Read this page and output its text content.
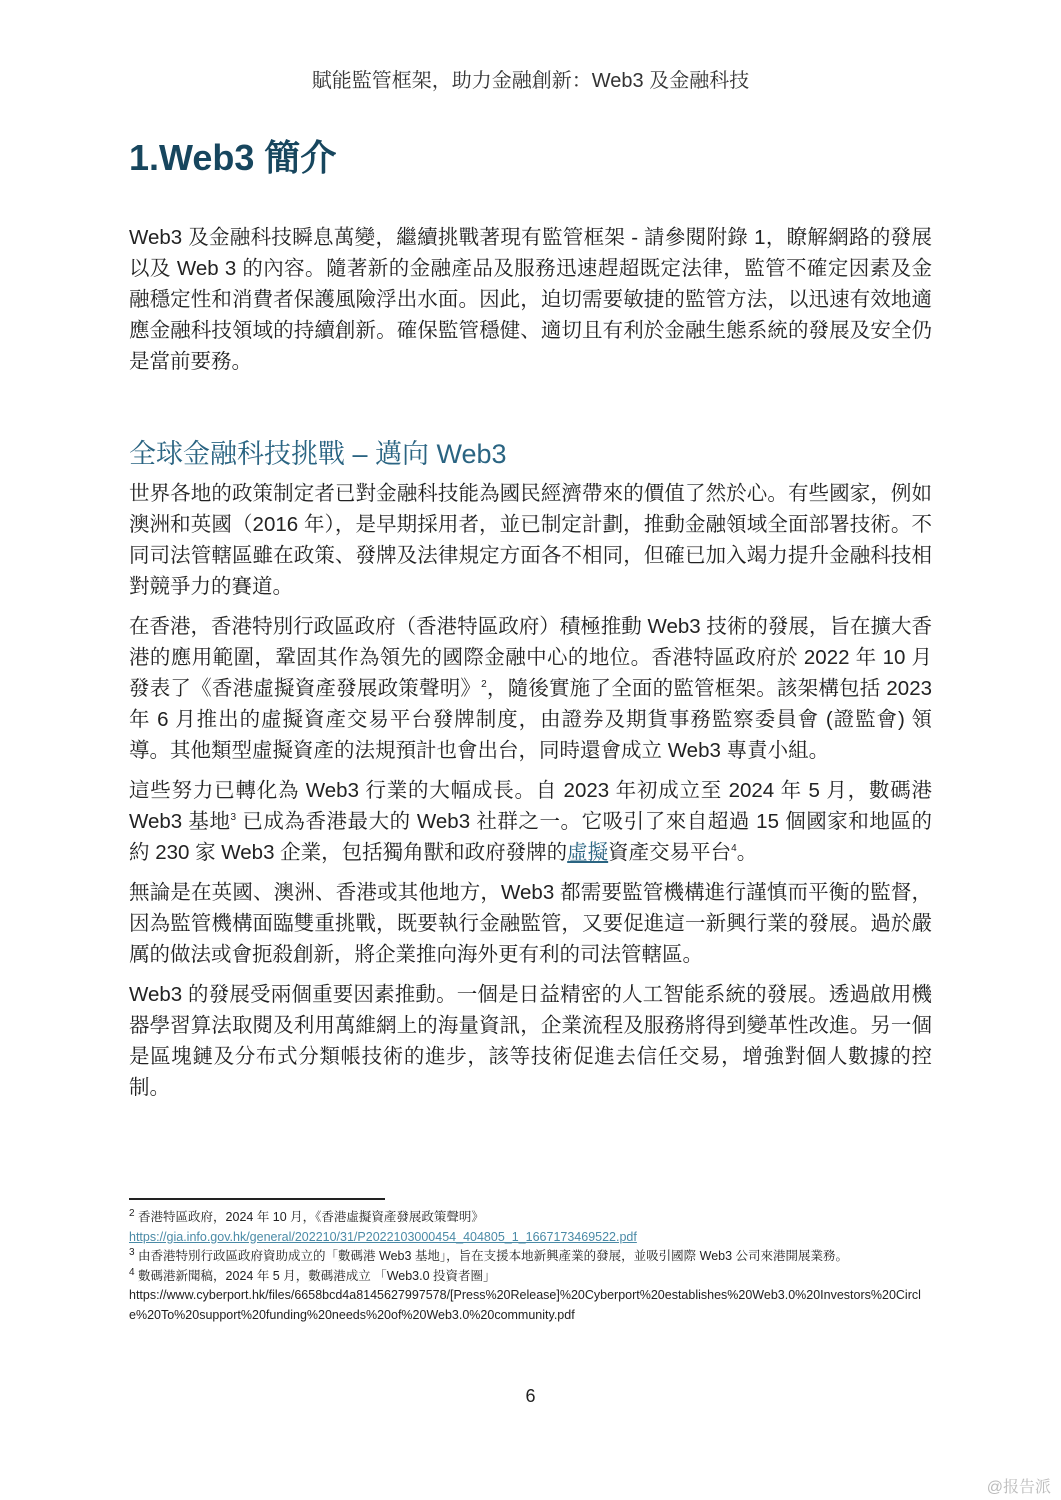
賦能監管框架，助力金融創新：Web3 及金融科技
1.Web3 簡介

Web3 及金融科技瞬息萬變，繼續挑戰著現有監管框架 - 請參閱附錄 1，瞭解網路的發展以及 Web 3 的內容。隨著新的金融產品及服務迅速趕超既定法律，監管不確定因素及金融穩定性和消費者保護風險浮出水面。因此，迫切需要敏捷的監管方法，以迅速有效地適應金融科技領域的持續創新。確保監管穩健、適切且有利於金融生態系統的發展及安全仍是當前要務。

全球金融科技挑戰 – 邁向 Web3

世界各地的政策制定者已對金融科技能為國民經濟帶來的價值了然於心。有些國家，例如澳洲和英國（2016 年），是早期採用者，並已制定計劃，推動金融領域全面部署技術。不同司法管轄區雖在政策、發牌及法律規定方面各不相同，但確已加入竭力提升金融科技相對競爭力的賽道。

在香港，香港特別行政區政府（香港特區政府）積極推動 Web3 技術的發展，旨在擴大香港的應用範圍，鞏固其作為領先的國際金融中心的地位。香港特區政府於 2022 年 10 月發表了《香港虛擬資產發展政策聲明》$^2$，隨後實施了全面的監管框架。該架構包括 2023 年 6 月推出的虛擬資產交易平台發牌制度，由證券及期貨事務監察委員會 (證監會) 領導。其他類型虛擬資產的法規預計也會出台，同時還會成立 Web3 專責小組。

這些努力已轉化為 Web3 行業的大幅成長。自 2023 年初成立至 2024 年 5 月，數碼港 Web3 基地$^3$ 已成為香港最大的 Web3 社群之一。它吸引了來自超過 15 個國家和地區的約 230 家 Web3 企業，包括獨角獸和政府發牌的虛擬資產交易平台$^4$。

無論是在英國、澳洲、香港或其他地方，Web3 都需要監管機構進行謹慎而平衡的監督，因為監管機構面臨雙重挑戰，既要執行金融監管，又要促進這一新興行業的發展。過於嚴厲的做法或會扼殺創新，將企業推向海外更有利的司法管轄區。

Web3 的發展受兩個重要因素推動。一個是日益精密的人工智能系統的發展。透過啟用機器學習算法取閱及利用萬維網上的海量資訊，企業流程及服務將得到變革性改進。另一個是區塊鏈及分布式分類帳技術的進步，該等技術促進去信任交易，增強對個人數據的控制。

$^2$ 香港特區政府，2024 年 10 月，《香港虛擬資產發展政策聲明》

https://gia.info.gov.hk/general/202210/31/P2022103000454_404805_1_1667173469522.pdf

$^3$ 由香港特別行政區政府資助成立的「數碼港 Web3 基地」，旨在支援本地新興產業的發展，並吸引國際 Web3 公司來港開展業務。

$^4$ 數碼港新聞稿，2024 年 5 月，數碼港成立 「Web3.0 投資者圈」

https://www.cyberport.hk/files/6658bcd4a8145627997578/[Press%20Release]%20Cyberport%20establishes%20Web3.0%20Investors%20Circle%20To%20support%20funding%20needs%20of%20Web3.0%20community.pdf

6
@报告派
